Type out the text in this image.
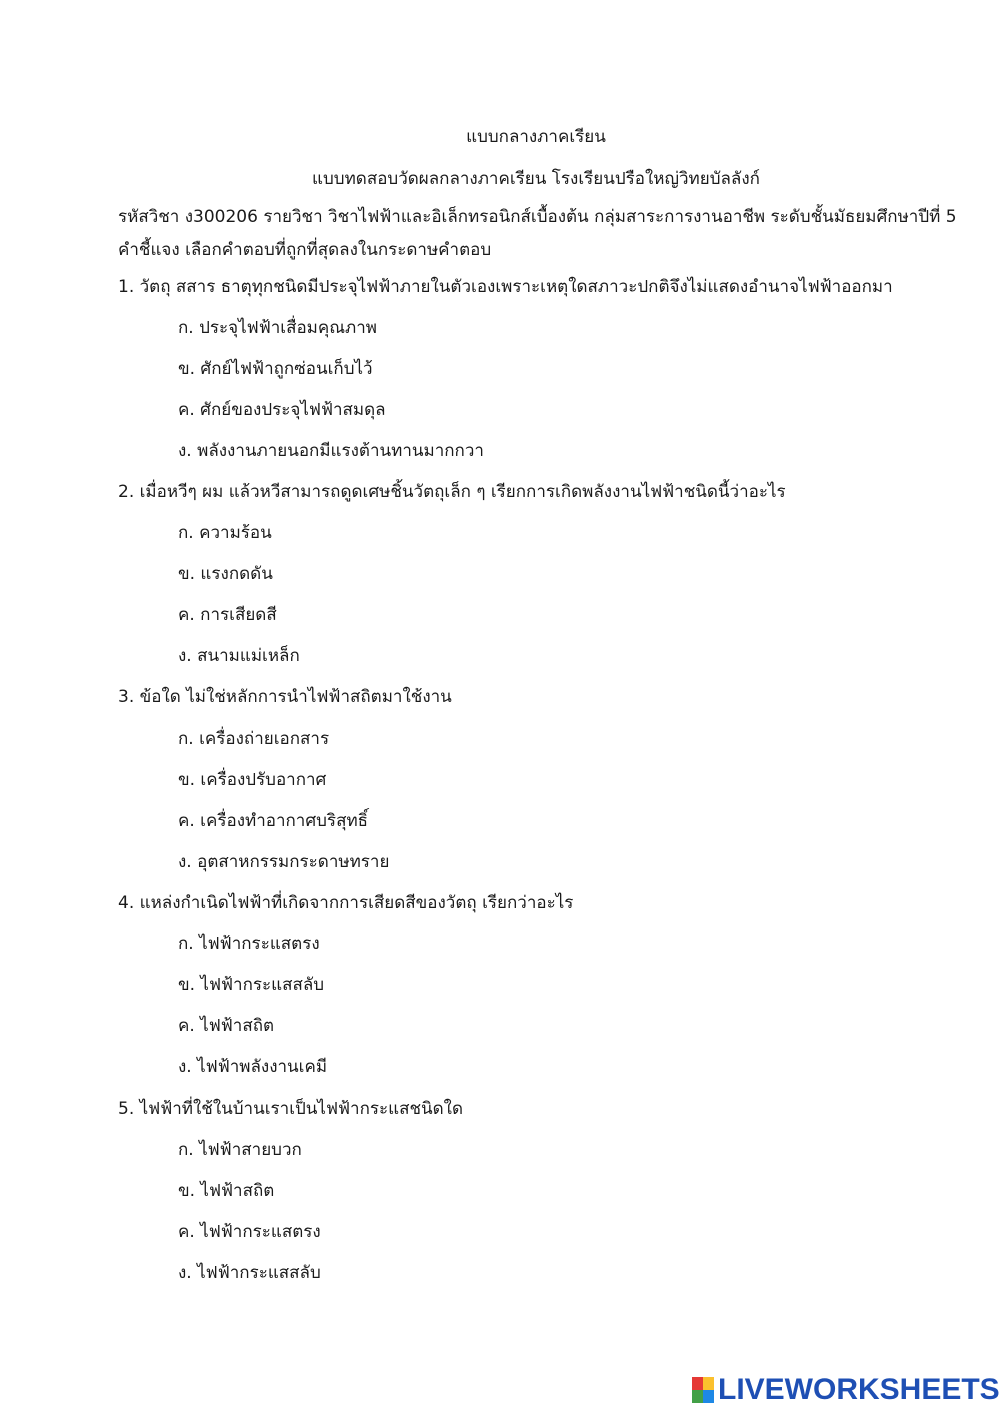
แบบกลางภาคเรียน
แบบทดสอบวัดผลกลางภาคเรียน โรงเรียนปรือใหญ่วิทยบัลลังก์
รหัสวิชา ง300206 รายวิชา วิชาไฟฟ้าและอิเล็กทรอนิกส์เบื้องต้น กลุ่มสาระการงานอาชีพ ระดับชั้นมัธยมศึกษาปีที่ 5
คำชี้แจง เลือกคำตอบที่ถูกที่สุดลงในกระดาษคำตอบ
1. วัตถุ สสาร ธาตุทุกชนิดมีประจุไฟฟ้าภายในตัวเองเพราะเหตุใดสภาวะปกติจึงไม่แสดงอำนาจไฟฟ้าออกมา
ก. ประจุไฟฟ้าเสื่อมคุณภาพ
ข. ศักย์ไฟฟ้าถูกซ่อนเก็บไว้
ค. ศักย์ของประจุไฟฟ้าสมดุล
ง. พลังงานภายนอกมีแรงต้านทานมากกวา
2. เมื่อหวีๆ ผม แล้วหวีสามารถดูดเศษชิ้นวัตถุเล็ก ๆ เรียกการเกิดพลังงานไฟฟ้าชนิดนี้ว่าอะไร
ก. ความร้อน
ข. แรงกดดัน
ค. การเสียดสี
ง. สนามแม่เหล็ก
3. ข้อใด ไม่ใช่หลักการนำไฟฟ้าสถิตมาใช้งาน
ก. เครื่องถ่ายเอกสาร
ข. เครื่องปรับอากาศ
ค. เครื่องทำอากาศบริสุทธิ์
ง. อุตสาหกรรมกระดาษทราย
4. แหล่งกำเนิดไฟฟ้าที่เกิดจากการเสียดสีของวัตถุ เรียกว่าอะไร
ก. ไฟฟ้ากระแสตรง
ข. ไฟฟ้ากระแสสลับ
ค. ไฟฟ้าสถิต
ง. ไฟฟ้าพลังงานเคมี
5. ไฟฟ้าที่ใช้ในบ้านเราเป็นไฟฟ้ากระแสชนิดใด
ก. ไฟฟ้าสายบวก
ข. ไฟฟ้าสถิต
ค. ไฟฟ้ากระแสตรง
ง. ไฟฟ้ากระแสสลับ
LIVEWORKSHEETS
